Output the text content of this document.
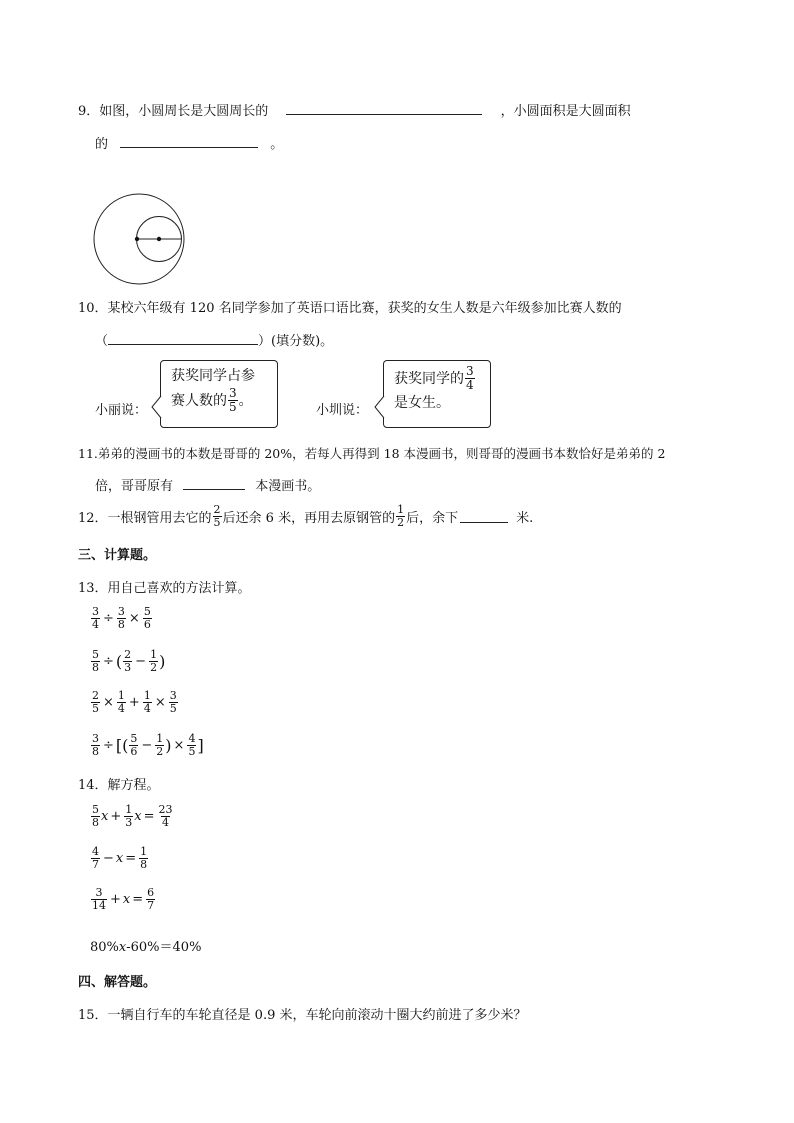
9．如图，小圆周长是大圆周长的	，小圆面积是大圆面积
的	。
10．某校六年级有 120 名同学参加了英语口语比赛，获奖的女生人数是六年级参加比赛人数的
（	）(填分数)。
小丽说：
获奖同学占参
赛人数的 $\frac{3}{5}$ 。
小圳说：
获奖同学的 $\frac{3}{4}$
是女生。
11.弟弟的漫画书的本数是哥哥的 20%，若每人再得到 18 本漫画书，则哥哥的漫画书本数恰好是弟弟的 2
倍，哥哥原有	本漫画书。
12．一根钢管用去它的 $\frac{2}{5}$ 后还余 6 米，再用去原钢管的 $\frac{1}{2}$ 后，余下	米.
三、计算题。
13．用自己喜欢的方法计算。
$\frac{3}{4} \div \frac{3}{8} \times \frac{5}{6}$
$\frac{5}{8}$ ÷ ( $\frac{2}{3} - \frac{1}{2}$ )
$\frac{2}{5} \times \frac{1}{4} + \frac{1}{4} \times \frac{3}{5}$
$\frac{3}{8}$ ÷ [( $\frac{5}{6} - \frac{1}{2}$ ) × $\frac{4}{5}$ ]
14．解方程。
$\frac{5}{8}$ $x + \frac{1}{3}$ $x = \frac{23}{4}$
$\frac{4}{7} - x = \frac{1}{8}$
$\frac{3}{14} + x = \frac{6}{7}$
80%x-60%＝40%
四、解答题。
15．一辆自行车的车轮直径是 0.9 米，车轮向前滚动十圈大约前进了多少米？
